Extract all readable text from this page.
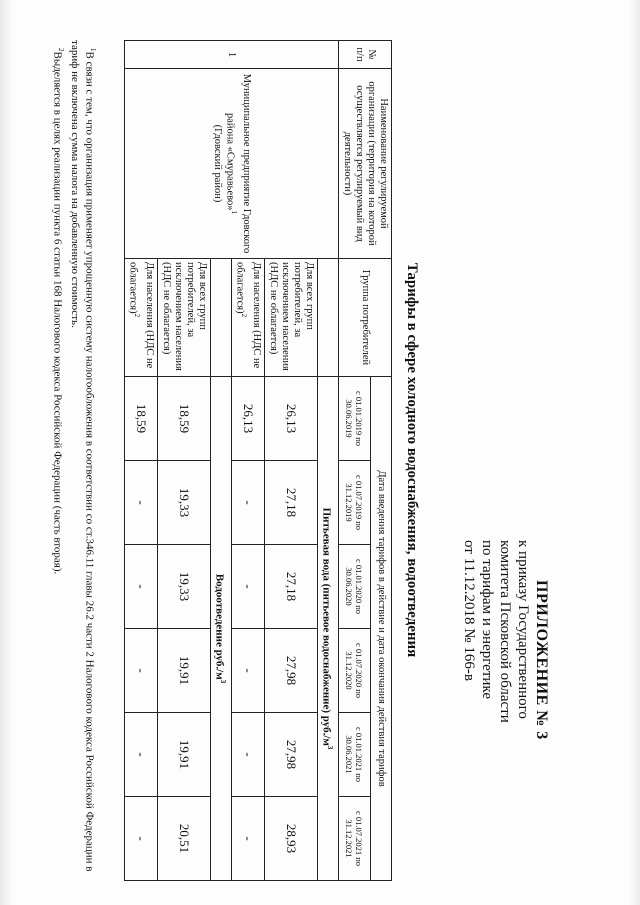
ПРИЛОЖЕНИЕ № 3
к приказу Государственного
комитета Псковской области
по тарифам и энергетике
от 11.12.2018 № 166-в
Тарифы в сфере холодного водоснабжения, водоотведения
№ п/п	Наименование регулируемой организации (территория на которой осуществляется регулируемый вид деятельности)	Группа потребителей	Дата введения тарифов в действие и дата окончания действия тарифов					
			с 01.01.2019 по 30.06.2019	с 01.07.2019 по 31.12.2019	с 01.01.2020 по 30.06.2020	с 01.07.2020 по 31.12.2020	с 01.01.2021 по 30.06.2021	с 01.07.2021 по 31.12.2021
1	Муниципальное предприятие Гдовского района «Смуравьево»$^1$
(Гдовский район)		Питьевая вода (питьевое водоснабжение) $руб./м^3$
		Для всех групп потребителей, за исключением населения (НДС не облагается)	26,13	27,18	27,18	27,98	27,98	28,93
		Для населения (НДС не облагается)$^2$	26,13	-	-	-	-	-
			Водоотведение $руб./м^3$
		Для всех групп потребителей, за исключением населения (НДС не облагается)	18,59	19,33	19,33	19,91	19,91	20,51
		Для населения (НДС не облагается)$^2$	18,59	-	-	-	-	-

$^1$В связи с тем, что организация применяет упрощенную систему налогообложения в соответствии со ст.346.11 главы 26.2 части 2 Налогового кодекса Российской Федерации в тариф не включена сумма налога на добавленную стоимость.

$^2$Выделяется в целях реализации пункта 6 статьи 168 Налогового кодекса Российской Федерации (часть вторая).
